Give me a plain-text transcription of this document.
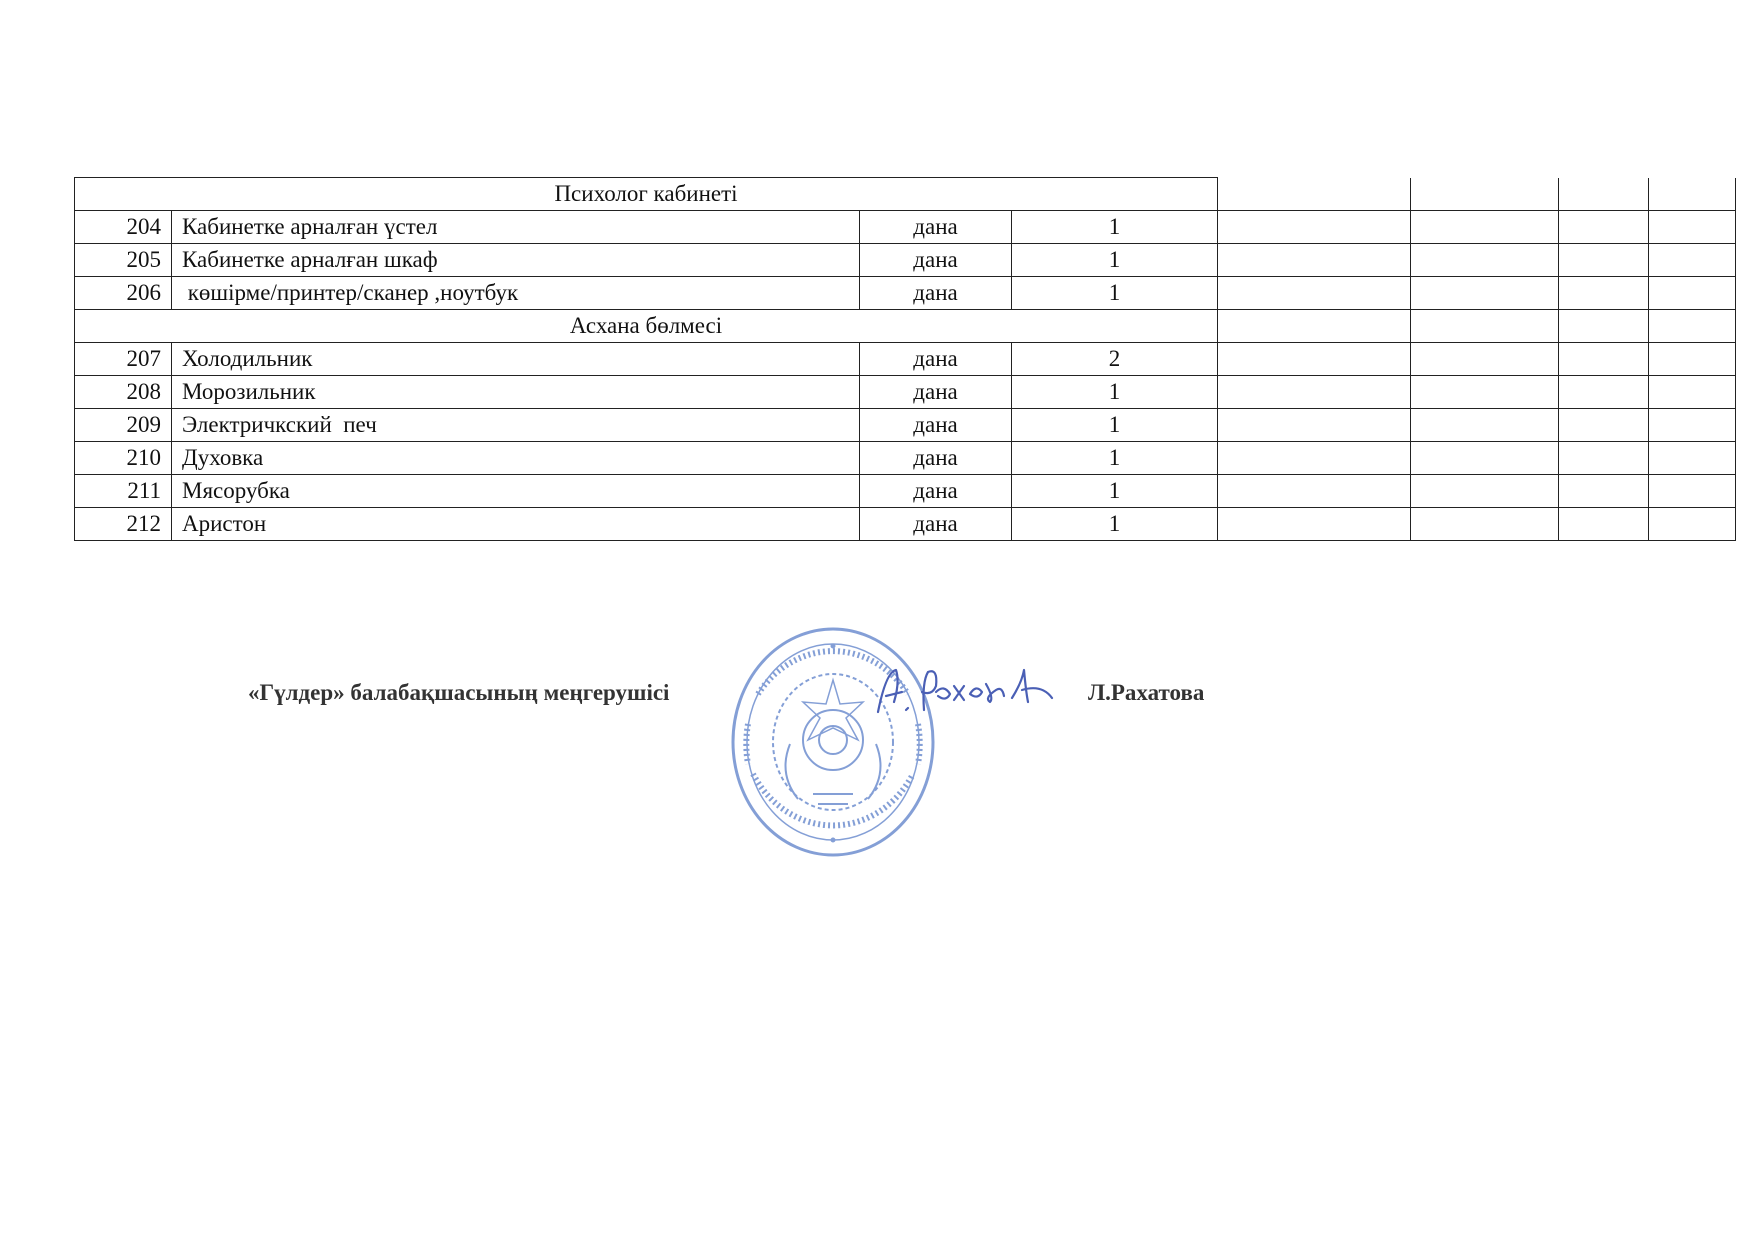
Психолог кабинеті							
204	Кабинетке арналған үстел	дана	1				
205	Кабинетке арналған шкаф	дана	1				
206	көшірме/принтер/сканер ,ноутбук	дана	1				
Асхана бөлмесі							
207	Холодильник	дана	2				
208	Морозильник	дана	1				
209	Электричкский  печ	дана	1				
210	Духовка	дана	1				
211	Мясорубка	дана	1				
212	Аристон	дана	1				
«Гүлдер» балабақшасының меңгерушісі	Л.Рахатова
